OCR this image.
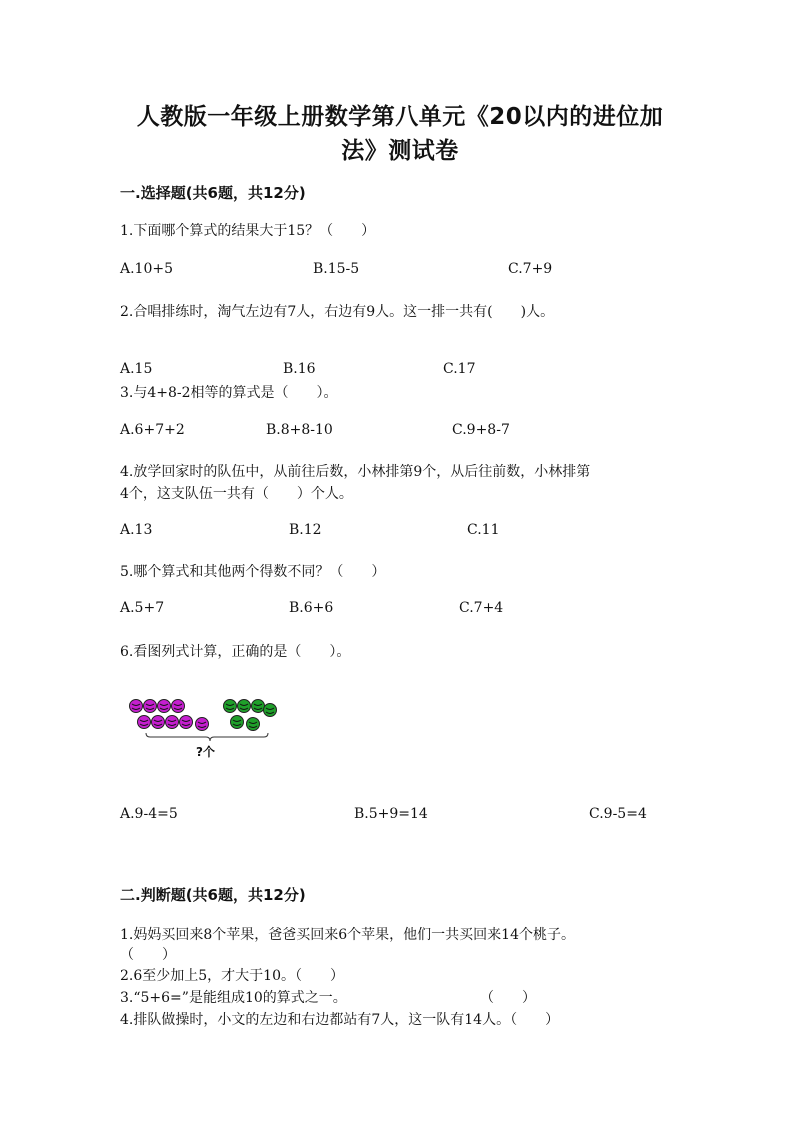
人教版一年级上册数学第八单元《20以内的进位加
法》测试卷
一.选择题(共6题，共12分)
1.下面哪个算式的结果大于15？（　　）
A.10+5	B.15-5	C.7+9
2.合唱排练时，淘气左边有7人，右边有9人。这一排一共有(　　)人。
A.15	B.16	C.17
3.与4+8-2相等的算式是（　　）。
A.6+7+2	B.8+8-10	C.9+8-7
4.放学回家时的队伍中，从前往后数，小林排第9个，从后往前数，小林排第
4个，这支队伍一共有（　　）个人。
A.13	B.12	C.11
5.哪个算式和其他两个得数不同？（　　）
A.5+7	B.6+6	C.7+4
6.看图列式计算，正确的是（　　）。
?个
A.9-4=5	B.5+9=14	C.9-5=4
二.判断题(共6题，共12分)
1.妈妈买回来8个苹果，爸爸买回来6个苹果，他们一共买回来14个桃子。
（　　）
2.6至少加上5，才大于10。（　　）
3.“5+6=”是能组成10的算式之一。	（　　）
4.排队做操时，小文的左边和右边都站有7人，这一队有14人。（　　）
